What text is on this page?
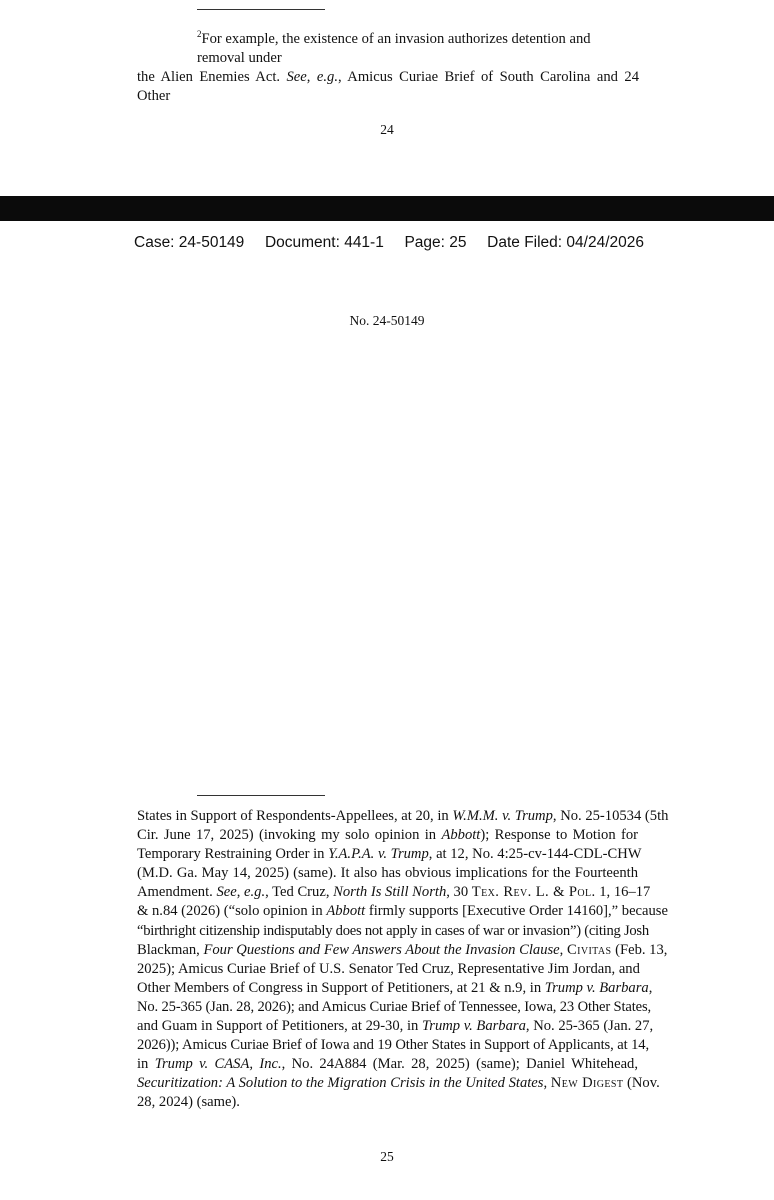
$^2$For example, the existence of an invasion authorizes detention and removal under
the Alien Enemies Act. See, e.g., Amicus Curiae Brief of South Carolina and 24 Other
24
Case: 24-50149 Document: 441-1 Page: 25 Date Filed: 04/24/2026
No. 24-50149
States in Support of Respondents-Appellees, at 20, in W.M.M. v. Trump, No. 25-10534 (5th
Cir. June 17, 2025) (invoking my solo opinion in Abbott); Response to Motion for
Temporary Restraining Order in Y.A.P.A. v. Trump, at 12, No. 4:25-cv-144-CDL-CHW
(M.D. Ga. May 14, 2025) (same). It also has obvious implications for the Fourteenth
Amendment. See, e.g., Ted Cruz, North Is Still North, 30 Tex. Rev. L. & Pol. 1, 16–17
& n.84 (2026) (“solo opinion in Abbott firmly supports [Executive Order 14160],” because
“birthright citizenship indisputably does not apply in cases of war or invasion”) (citing Josh
Blackman, Four Questions and Few Answers About the Invasion Clause, Civitas (Feb. 13,
2025); Amicus Curiae Brief of U.S. Senator Ted Cruz, Representative Jim Jordan, and
Other Members of Congress in Support of Petitioners, at 21 & n.9, in Trump v. Barbara,
No. 25-365 (Jan. 28, 2026); and Amicus Curiae Brief of Tennessee, Iowa, 23 Other States,
and Guam in Support of Petitioners, at 29-30, in Trump v. Barbara, No. 25-365 (Jan. 27,
2026)); Amicus Curiae Brief of Iowa and 19 Other States in Support of Applicants, at 14,
in Trump v. CASA, Inc., No. 24A884 (Mar. 28, 2025) (same); Daniel Whitehead,
Securitization: A Solution to the Migration Crisis in the United States, New Digest (Nov.
28, 2024) (same).
25
